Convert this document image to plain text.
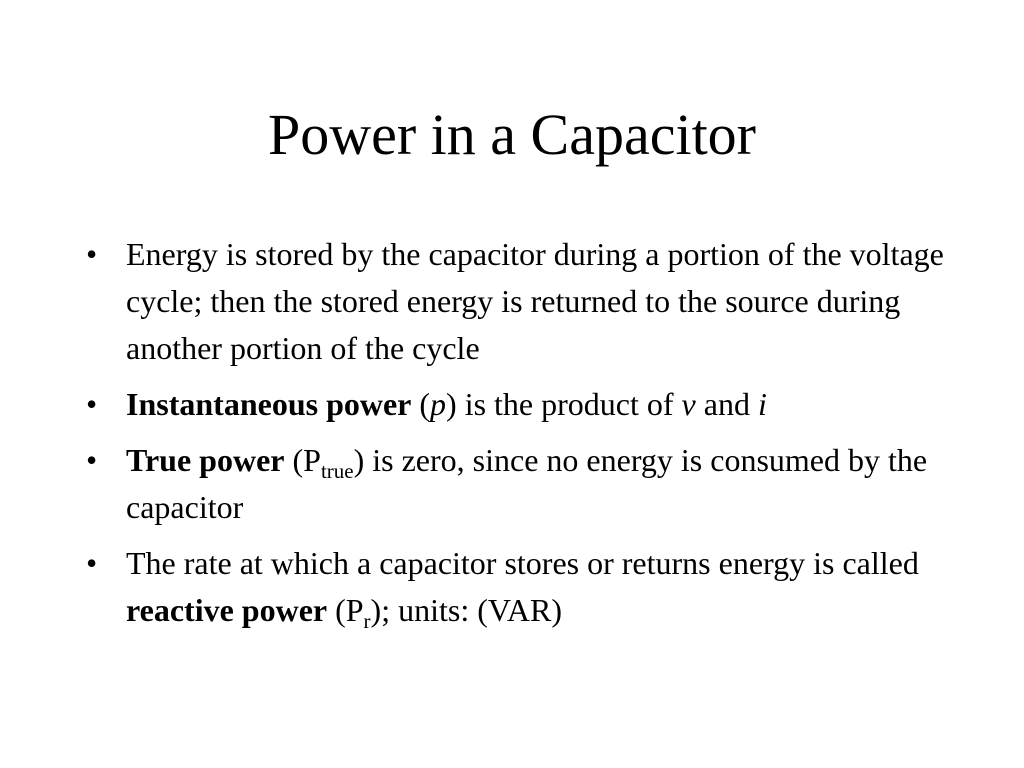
Power in a Capacitor
• Energy is stored by the capacitor during a portion of the voltage cycle; then the stored energy is returned to the source during another portion of the cycle
• Instantaneous power (p) is the product of v and i
• True power $(P_{true})$ is zero, since no energy is consumed by the capacitor
• The rate at which a capacitor stores or returns energy is called reactive power $(P_r)$; units: (VAR)
